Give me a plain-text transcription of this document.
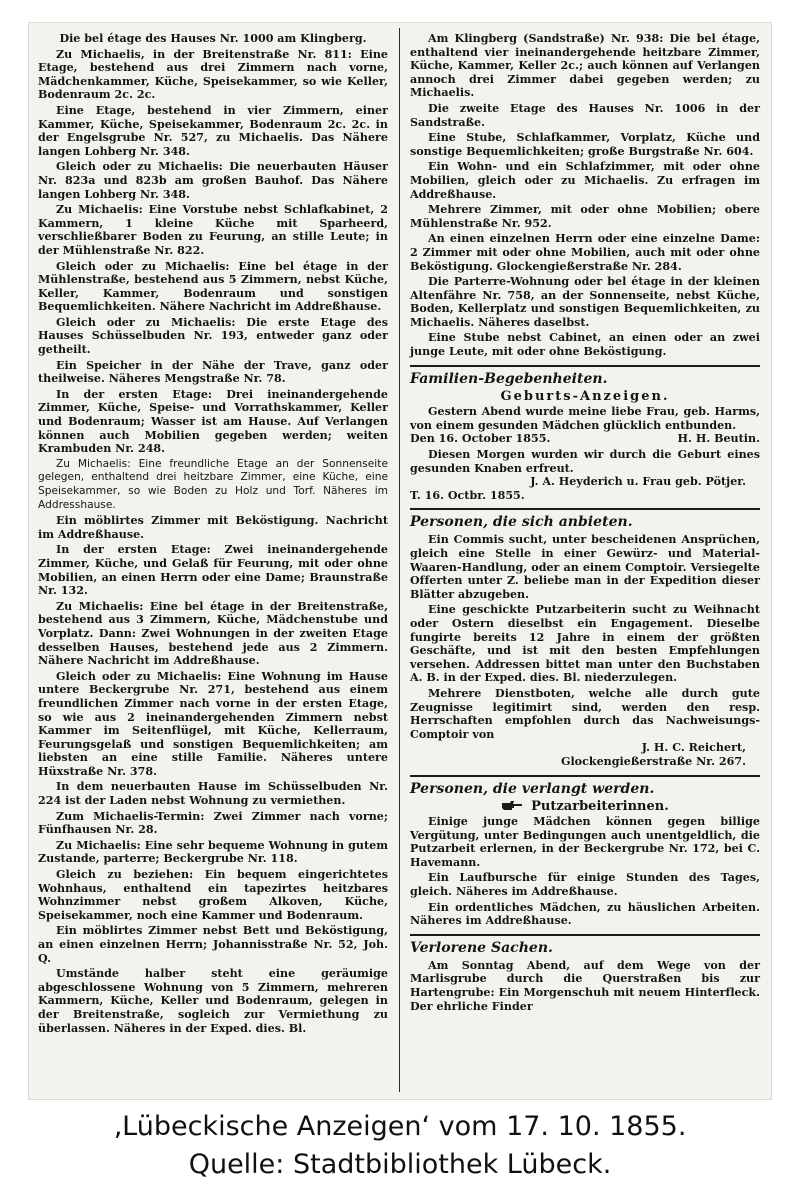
Die bel étage des Hauses Nr. 1000 am Klingberg.
Zu Michaelis, in der Breitenstraße Nr. 811: Eine Etage, bestehend aus drei Zimmern nach vorne, Mädchenkammer, Küche, Speisekammer, so wie Keller, Bodenraum 2c. 2c.
Eine Etage, bestehend in vier Zimmern, einer Kammer, Küche, Speisekammer, Bodenraum 2c. 2c. in der Engelsgrube Nr. 527, zu Michaelis. Das Nähere langen Lohberg Nr. 348.
Gleich oder zu Michaelis: Die neuerbauten Häuser Nr. 823a und 823b am großen Bauhof. Das Nähere langen Lohberg Nr. 348.
Zu Michaelis: Eine Vorstube nebst Schlafkabinet, 2 Kammern, 1 kleine Küche mit Sparheerd, verschließbarer Boden zu Feurung, an stille Leute; in der Mühlenstraße Nr. 822.
Gleich oder zu Michaelis: Eine bel étage in der Mühlenstraße, bestehend aus 5 Zimmern, nebst Küche, Keller, Kammer, Bodenraum und sonstigen Bequemlichkeiten. Nähere Nachricht im Addreßhause.
Gleich oder zu Michaelis: Die erste Etage des Hauses Schüsselbuden Nr. 193, entweder ganz oder getheilt.
Ein Speicher in der Nähe der Trave, ganz oder theilweise. Näheres Mengstraße Nr. 78.
In der ersten Etage: Drei ineinandergehende Zimmer, Küche, Speise- und Vorrathskammer, Keller und Bodenraum; Wasser ist am Hause. Auf Verlangen können auch Mobilien gegeben werden; weiten Krambuden Nr. 248.
Zu Michaelis: Eine freundliche Etage an der Sonnenseite gelegen, enthaltend drei heitzbare Zimmer, eine Küche, eine Speisekammer, so wie Boden zu Holz und Torf. Näheres im Addresshause.
Ein möblirtes Zimmer mit Beköstigung. Nachricht im Addreßhause.
In der ersten Etage: Zwei ineinandergehende Zimmer, Küche, und Gelaß für Feurung, mit oder ohne Mobilien, an einen Herrn oder eine Dame; Braunstraße Nr. 132.
Zu Michaelis: Eine bel étage in der Breitenstraße, bestehend aus 3 Zimmern, Küche, Mädchenstube und Vorplatz. Dann: Zwei Wohnungen in der zweiten Etage desselben Hauses, bestehend jede aus 2 Zimmern. Nähere Nachricht im Addreßhause.
Gleich oder zu Michaelis: Eine Wohnung im Hause untere Beckergrube Nr. 271, bestehend aus einem freundlichen Zimmer nach vorne in der ersten Etage, so wie aus 2 ineinandergehenden Zimmern nebst Kammer im Seitenflügel, mit Küche, Kellerraum, Feurungsgelaß und sonstigen Bequemlichkeiten; am liebsten an eine stille Familie. Näheres untere Hüxstraße Nr. 378.
In dem neuerbauten Hause im Schüsselbuden Nr. 224 ist der Laden nebst Wohnung zu vermiethen.
Zum Michaelis-Termin: Zwei Zimmer nach vorne; Fünfhausen Nr. 28.
Zu Michaelis: Eine sehr bequeme Wohnung in gutem Zustande, parterre; Beckergrube Nr. 118.
Gleich zu beziehen: Ein bequem eingerichtetes Wohnhaus, enthaltend ein tapezirtes heitzbares Wohnzimmer nebst großem Alkoven, Küche, Speisekammer, noch eine Kammer und Bodenraum.
Ein möblirtes Zimmer nebst Bett und Beköstigung, an einen einzelnen Herrn; Johannisstraße Nr. 52, Joh. Q.
Umstände halber steht eine geräumige abgeschlossene Wohnung von 5 Zimmern, mehreren Kammern, Küche, Keller und Bodenraum, gelegen in der Breitenstraße, sogleich zur Vermiethung zu überlassen. Näheres in der Exped. dies. Bl.
Am Klingberg (Sandstraße) Nr. 938: Die bel étage, enthaltend vier ineinandergehende heitzbare Zimmer, Küche, Kammer, Keller 2c.; auch können auf Verlangen annoch drei Zimmer dabei gegeben werden; zu Michaelis.
Die zweite Etage des Hauses Nr. 1006 in der Sandstraße.
Eine Stube, Schlafkammer, Vorplatz, Küche und sonstige Bequemlichkeiten; große Burgstraße Nr. 604.
Ein Wohn- und ein Schlafzimmer, mit oder ohne Mobilien, gleich oder zu Michaelis. Zu erfragen im Addreßhause.
Mehrere Zimmer, mit oder ohne Mobilien; obere Mühlenstraße Nr. 952.
An einen einzelnen Herrn oder eine einzelne Dame: 2 Zimmer mit oder ohne Mobilien, auch mit oder ohne Beköstigung. Glockengießerstraße Nr. 284.
Die Parterre-Wohnung oder bel étage in der kleinen Altenfähre Nr. 758, an der Sonnenseite, nebst Küche, Boden, Kellerplatz und sonstigen Bequemlichkeiten, zu Michaelis. Näheres daselbst.
Eine Stube nebst Cabinet, an einen oder an zwei junge Leute, mit oder ohne Beköstigung.
Familien-Begebenheiten.
Geburts-Anzeigen.
Gestern Abend wurde meine liebe Frau, geb. Harms, von einem gesunden Mädchen glücklich entbunden.
Den 16. October 1855.	H. H. Beutin.
Diesen Morgen wurden wir durch die Geburt eines gesunden Knaben erfreut.
J. A. Heyderich u. Frau geb. Pötjer.
T. 16. Octbr. 1855.
Personen, die sich anbieten.
Ein Commis sucht, unter bescheidenen Ansprüchen, gleich eine Stelle in einer Gewürz- und Material-Waaren-Handlung, oder an einem Comptoir. Versiegelte Offerten unter Z. beliebe man in der Expedition dieser Blätter abzugeben.
Eine geschickte Putzarbeiterin sucht zu Weihnacht oder Ostern dieselbst ein Engagement. Dieselbe fungirte bereits 12 Jahre in einem der größten Geschäfte, und ist mit den besten Empfehlungen versehen. Addressen bittet man unter den Buchstaben A. B. in der Exped. dies. Bl. niederzulegen.
Mehrere Dienstboten, welche alle durch gute Zeugnisse legitimirt sind, werden den resp. Herrschaften empfohlen durch das Nachweisungs-Comptoir von
J. H. C. Reichert,
Glockengießerstraße Nr. 267.
Personen, die verlangt werden.
Putzarbeiterinnen.
Einige junge Mädchen können gegen billige Vergütung, unter Bedingungen auch unentgeldlich, die Putzarbeit erlernen, in der Beckergrube Nr. 172, bei C. Havemann.
Ein Laufbursche für einige Stunden des Tages, gleich. Näheres im Addreßhause.
Ein ordentliches Mädchen, zu häuslichen Arbeiten. Näheres im Addreßhause.
Verlorene Sachen.
Am Sonntag Abend, auf dem Wege von der Marlisgrube durch die Querstraßen bis zur Hartengrube: Ein Morgenschuh mit neuem Hinterfleck. Der ehrliche Finder
‚Lübeckische Anzeigen‘ vom 17. 10. 1855.
Quelle: Stadtbibliothek Lübeck.
